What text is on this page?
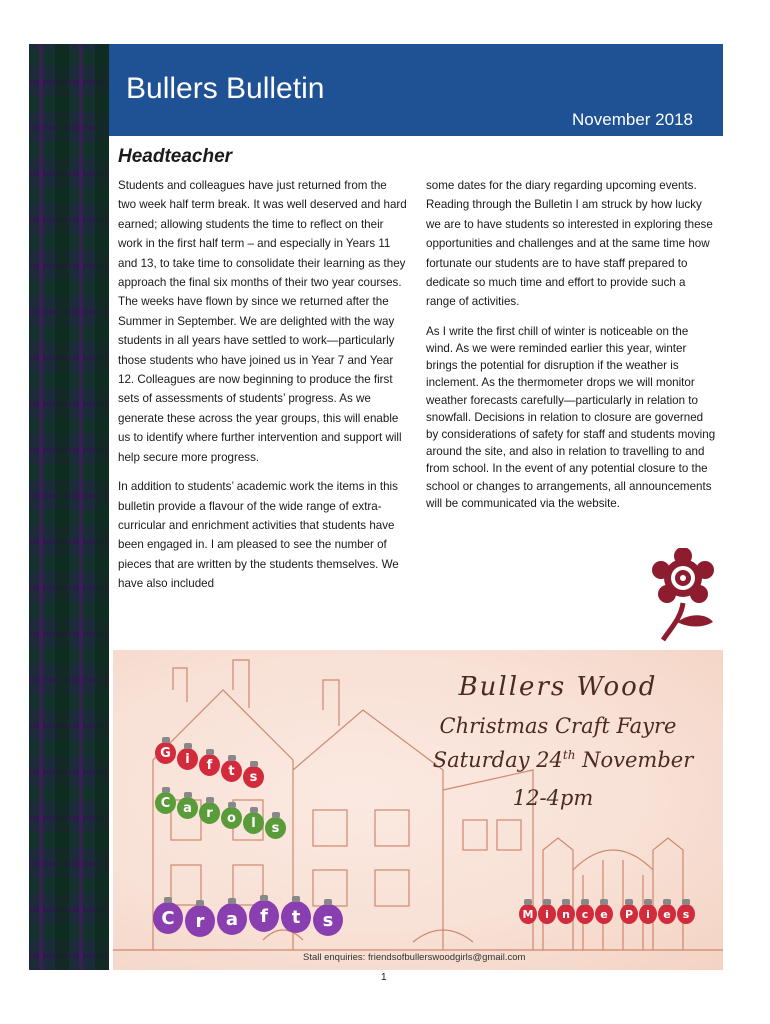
Bullers Bulletin
November 2018
Headteacher

Students and colleagues have just returned from the two week half term break. It was well deserved and hard earned; allowing students the time to reflect on their work in the first half term – and especially in Years 11 and 13, to take time to consolidate their learning as they approach the final six months of their two year courses. The weeks have flown by since we returned after the Summer in September. We are delighted with the way students in all years have settled to work—particularly those students who have joined us in Year 7 and Year 12. Colleagues are now beginning to produce the first sets of assessments of students’ progress. As we generate these across the year groups, this will enable us to identify where further intervention and support will help secure more progress.

In addition to students’ academic work the items in this bulletin provide a flavour of the wide range of extra-curricular and enrichment activities that students have been engaged in. I am pleased to see the number of pieces that are written by the students themselves. We have also included

some dates for the diary regarding upcoming events. Reading through the Bulletin I am struck by how lucky we are to have students so interested in exploring these opportunities and challenges and at the same time how fortunate our students are to have staff prepared to dedicate so much time and effort to provide such a range of activities.

As I write the first chill of winter is noticeable on the wind. As we were reminded earlier this year, winter brings the potential for disruption if the weather is inclement. As the thermometer drops we will monitor weather forecasts carefully—particularly in relation to snowfall. Decisions in relation to closure are governed by considerations of safety for staff and students moving around the site, and also in relation to travelling to and from school. In the event of any potential closure to the school or changes to arrangements, all announcements will be communicated via the website.

Bullers Wood
Christmas Craft Fayre
Saturday 24th November
12-4pm
G	i	f	t	s
C a	r	o	l	s
C	r	a	f	t	s	M	i	n	c	e
	P	i	e	s
Stall enquiries: friendsofbullerswoodgirls@gmail.com
1
